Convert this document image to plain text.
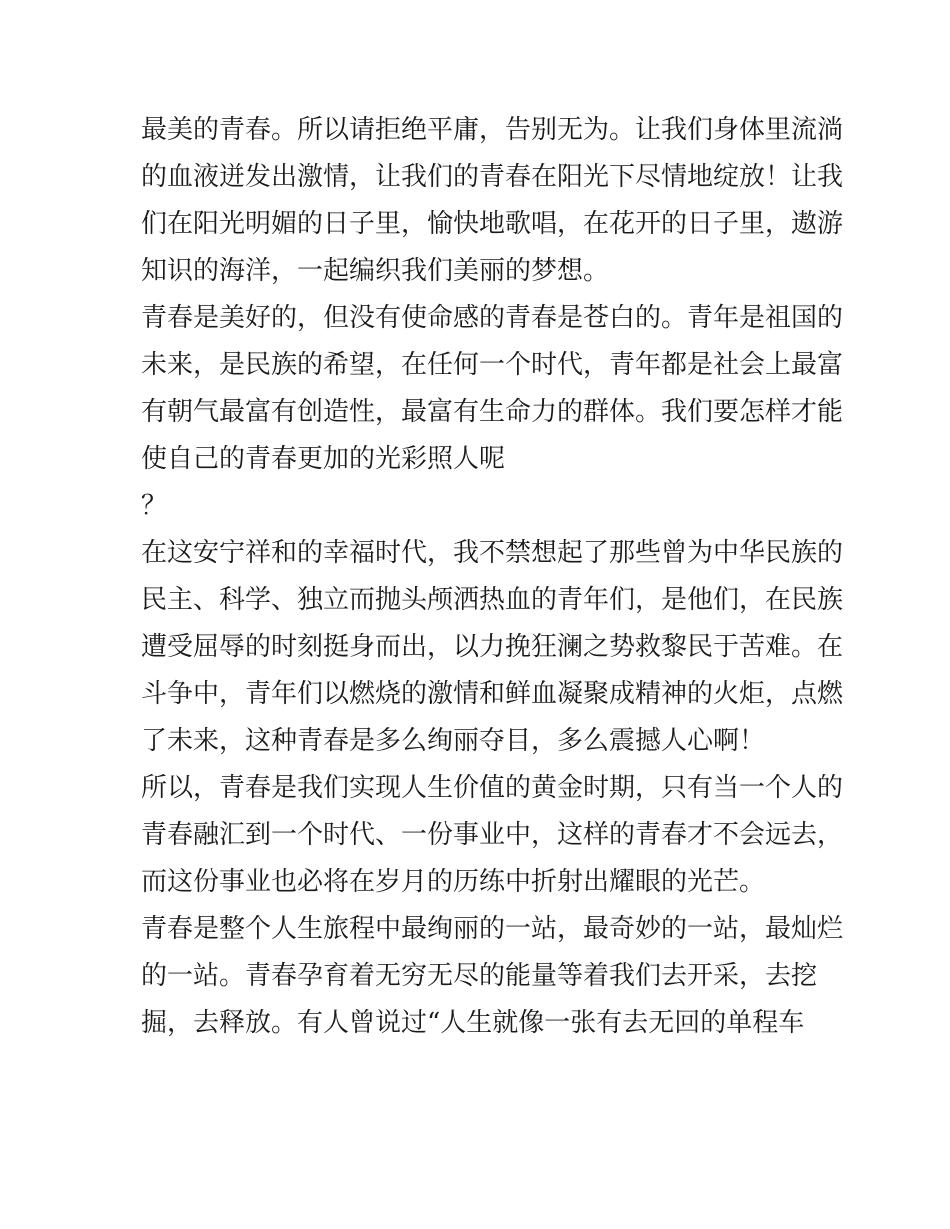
最美的青春。所以请拒绝平庸，告别无为。让我们身体里流淌
的血液迸发出激情，让我们的青春在阳光下尽情地绽放！让我
们在阳光明媚的日子里，愉快地歌唱，在花开的日子里，遨游
知识的海洋，一起编织我们美丽的梦想。
青春是美好的，但没有使命感的青春是苍白的。青年是祖国的
未来，是民族的希望，在任何一个时代，青年都是社会上最富
有朝气最富有创造性，最富有生命力的群体。我们要怎样才能
使自己的青春更加的光彩照人呢
？
在这安宁祥和的幸福时代，我不禁想起了那些曾为中华民族的
民主、科学、独立而抛头颅洒热血的青年们，是他们，在民族
遭受屈辱的时刻挺身而出，以力挽狂澜之势救黎民于苦难。在
斗争中，青年们以燃烧的激情和鲜血凝聚成精神的火炬，点燃
了未来，这种青春是多么绚丽夺目，多么震撼人心啊！
所以，青春是我们实现人生价值的黄金时期，只有当一个人的
青春融汇到一个时代、一份事业中，这样的青春才不会远去，
而这份事业也必将在岁月的历练中折射出耀眼的光芒。
青春是整个人生旅程中最绚丽的一站，最奇妙的一站，最灿烂
的一站。青春孕育着无穷无尽的能量等着我们去开采，去挖
掘，去释放。有人曾说过“人生就像一张有去无回的单程车
